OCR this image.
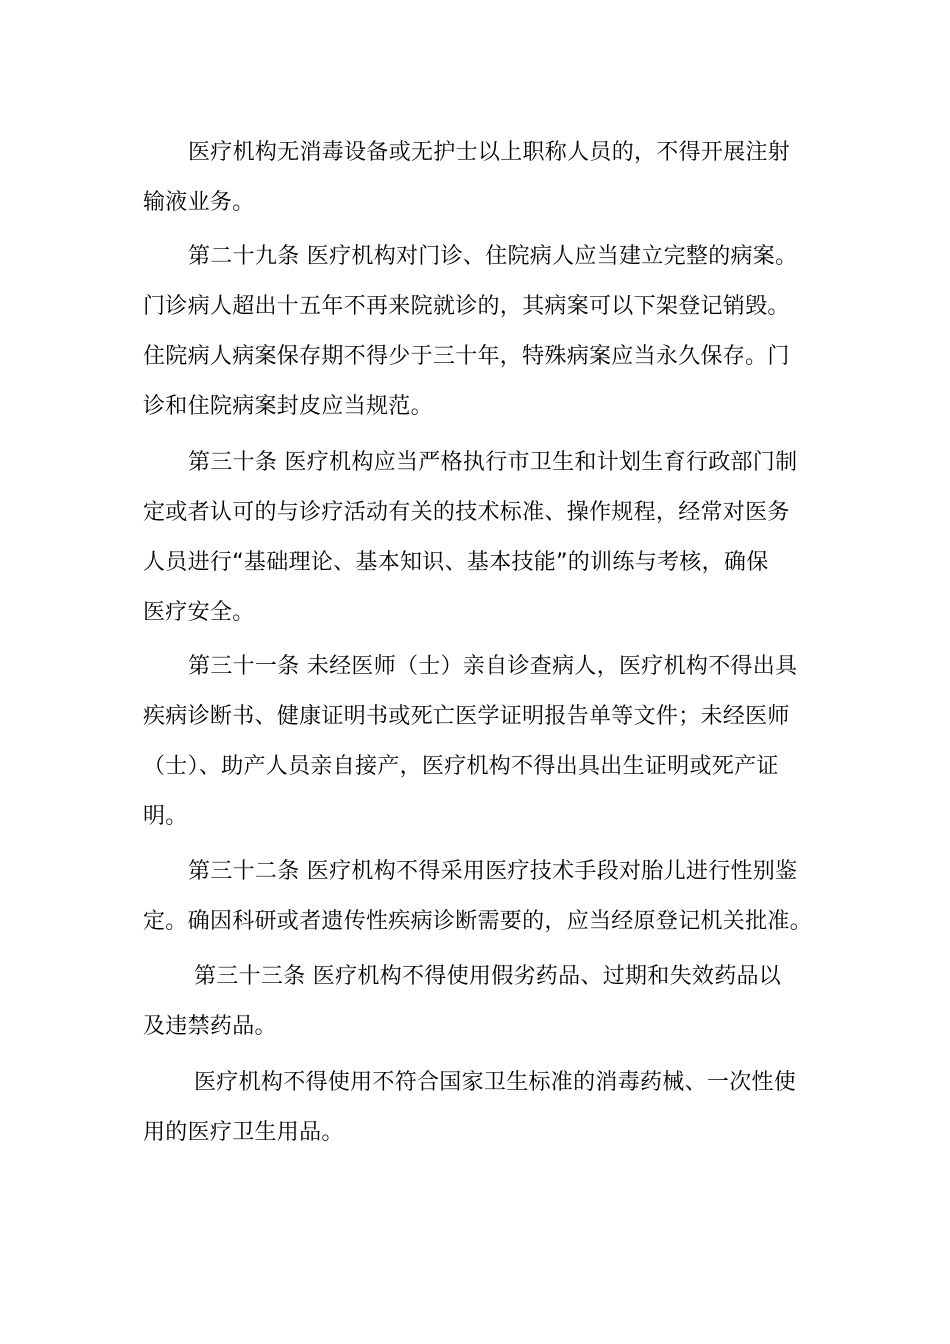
医疗机构无消毒设备或无护士以上职称人员的，不得开展注射
输液业务。
第二十九条 医疗机构对门诊、住院病人应当建立完整的病案。
门诊病人超出十五年不再来院就诊的，其病案可以下架登记销毁。
住院病人病案保存期不得少于三十年，特殊病案应当永久保存。门
诊和住院病案封皮应当规范。
第三十条 医疗机构应当严格执行市卫生和计划生育行政部门制
定或者认可的与诊疗活动有关的技术标准、操作规程，经常对医务
人员进行“基础理论、基本知识、基本技能”的训练与考核，确保
医疗安全。
第三十一条 未经医师（士）亲自诊查病人，医疗机构不得出具
疾病诊断书、健康证明书或死亡医学证明报告单等文件；未经医师
（士）、助产人员亲自接产，医疗机构不得出具出生证明或死产证
明。
第三十二条 医疗机构不得采用医疗技术手段对胎儿进行性别鉴
定。确因科研或者遗传性疾病诊断需要的，应当经原登记机关批准。
第三十三条 医疗机构不得使用假劣药品、过期和失效药品以
及违禁药品。
医疗机构不得使用不符合国家卫生标准的消毒药械、一次性使
用的医疗卫生用品。
